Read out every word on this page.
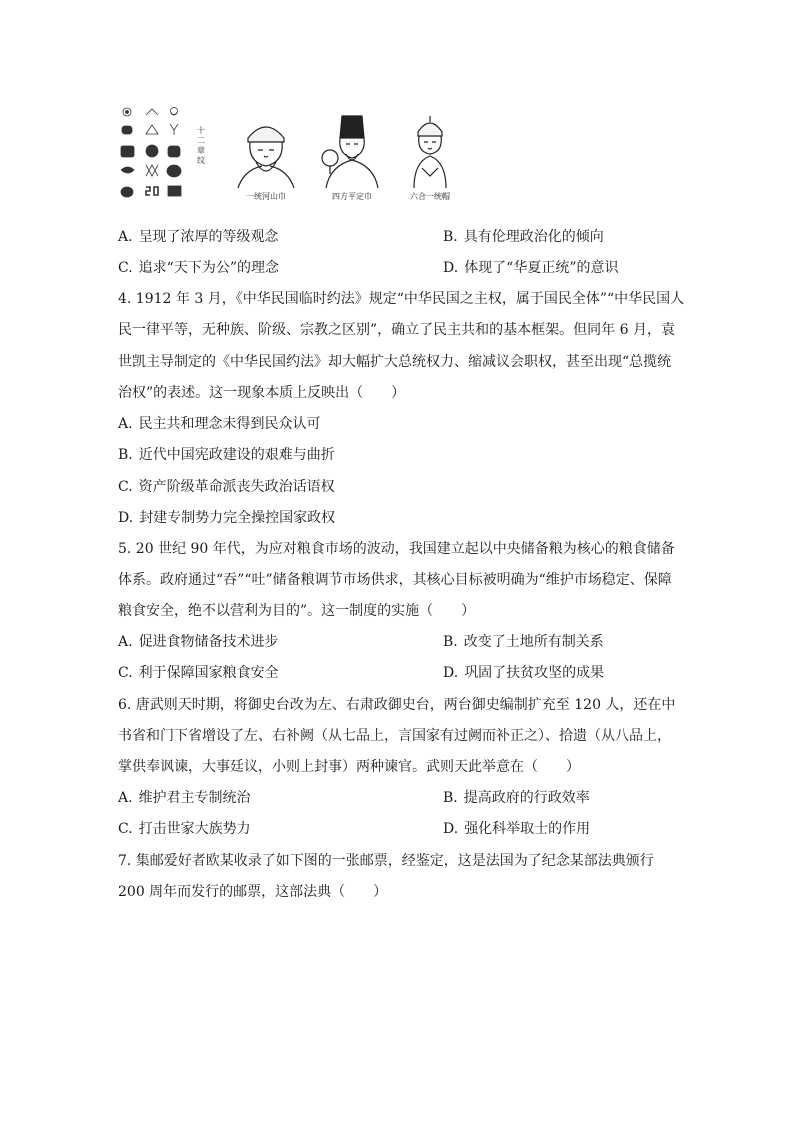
十二章纹
一统河山巾	四方平定巾	六合一统帽
A. 呈现了浓厚的等级观念	B. 具有伦理政治化的倾向
C. 追求“天下为公”的理念	D. 体现了“华夏正统”的意识
4. 1912 年 3 月，《中华民国临时约法》规定“中华民国之主权，属于国民全体”“中华民国人
民一律平等，无种族、阶级、宗教之区别”，确立了民主共和的基本框架。但同年 6 月，袁
世凯主导制定的《中华民国约法》却大幅扩大总统权力、缩减议会职权，甚至出现“总揽统
治权”的表述。这一现象本质上反映出（　　）
A. 民主共和理念未得到民众认可
B. 近代中国宪政建设的艰难与曲折
C. 资产阶级革命派丧失政治话语权
D. 封建专制势力完全操控国家政权
5. 20 世纪 90 年代，为应对粮食市场的波动，我国建立起以中央储备粮为核心的粮食储备
体系。政府通过“吞”“吐”储备粮调节市场供求，其核心目标被明确为“维护市场稳定、保障
粮食安全，绝不以营利为目的”。这一制度的实施（　　）
A. 促进食物储备技术进步	B. 改变了土地所有制关系
C. 利于保障国家粮食安全	D. 巩固了扶贫攻坚的成果
6. 唐武则天时期，将御史台改为左、右肃政御史台，两台御史编制扩充至 120 人，还在中
书省和门下省增设了左、右补阙（从七品上，言国家有过阙而补正之）、拾遗（从八品上，
掌供奉讽谏，大事廷议，小则上封事）两种谏官。武则天此举意在（　　）
A. 维护君主专制统治	B. 提高政府的行政效率
C. 打击世家大族势力	D. 强化科举取士的作用
7. 集邮爱好者欧某收录了如下图的一张邮票，经鉴定，这是法国为了纪念某部法典颁行
200 周年而发行的邮票，这部法典（　　）
